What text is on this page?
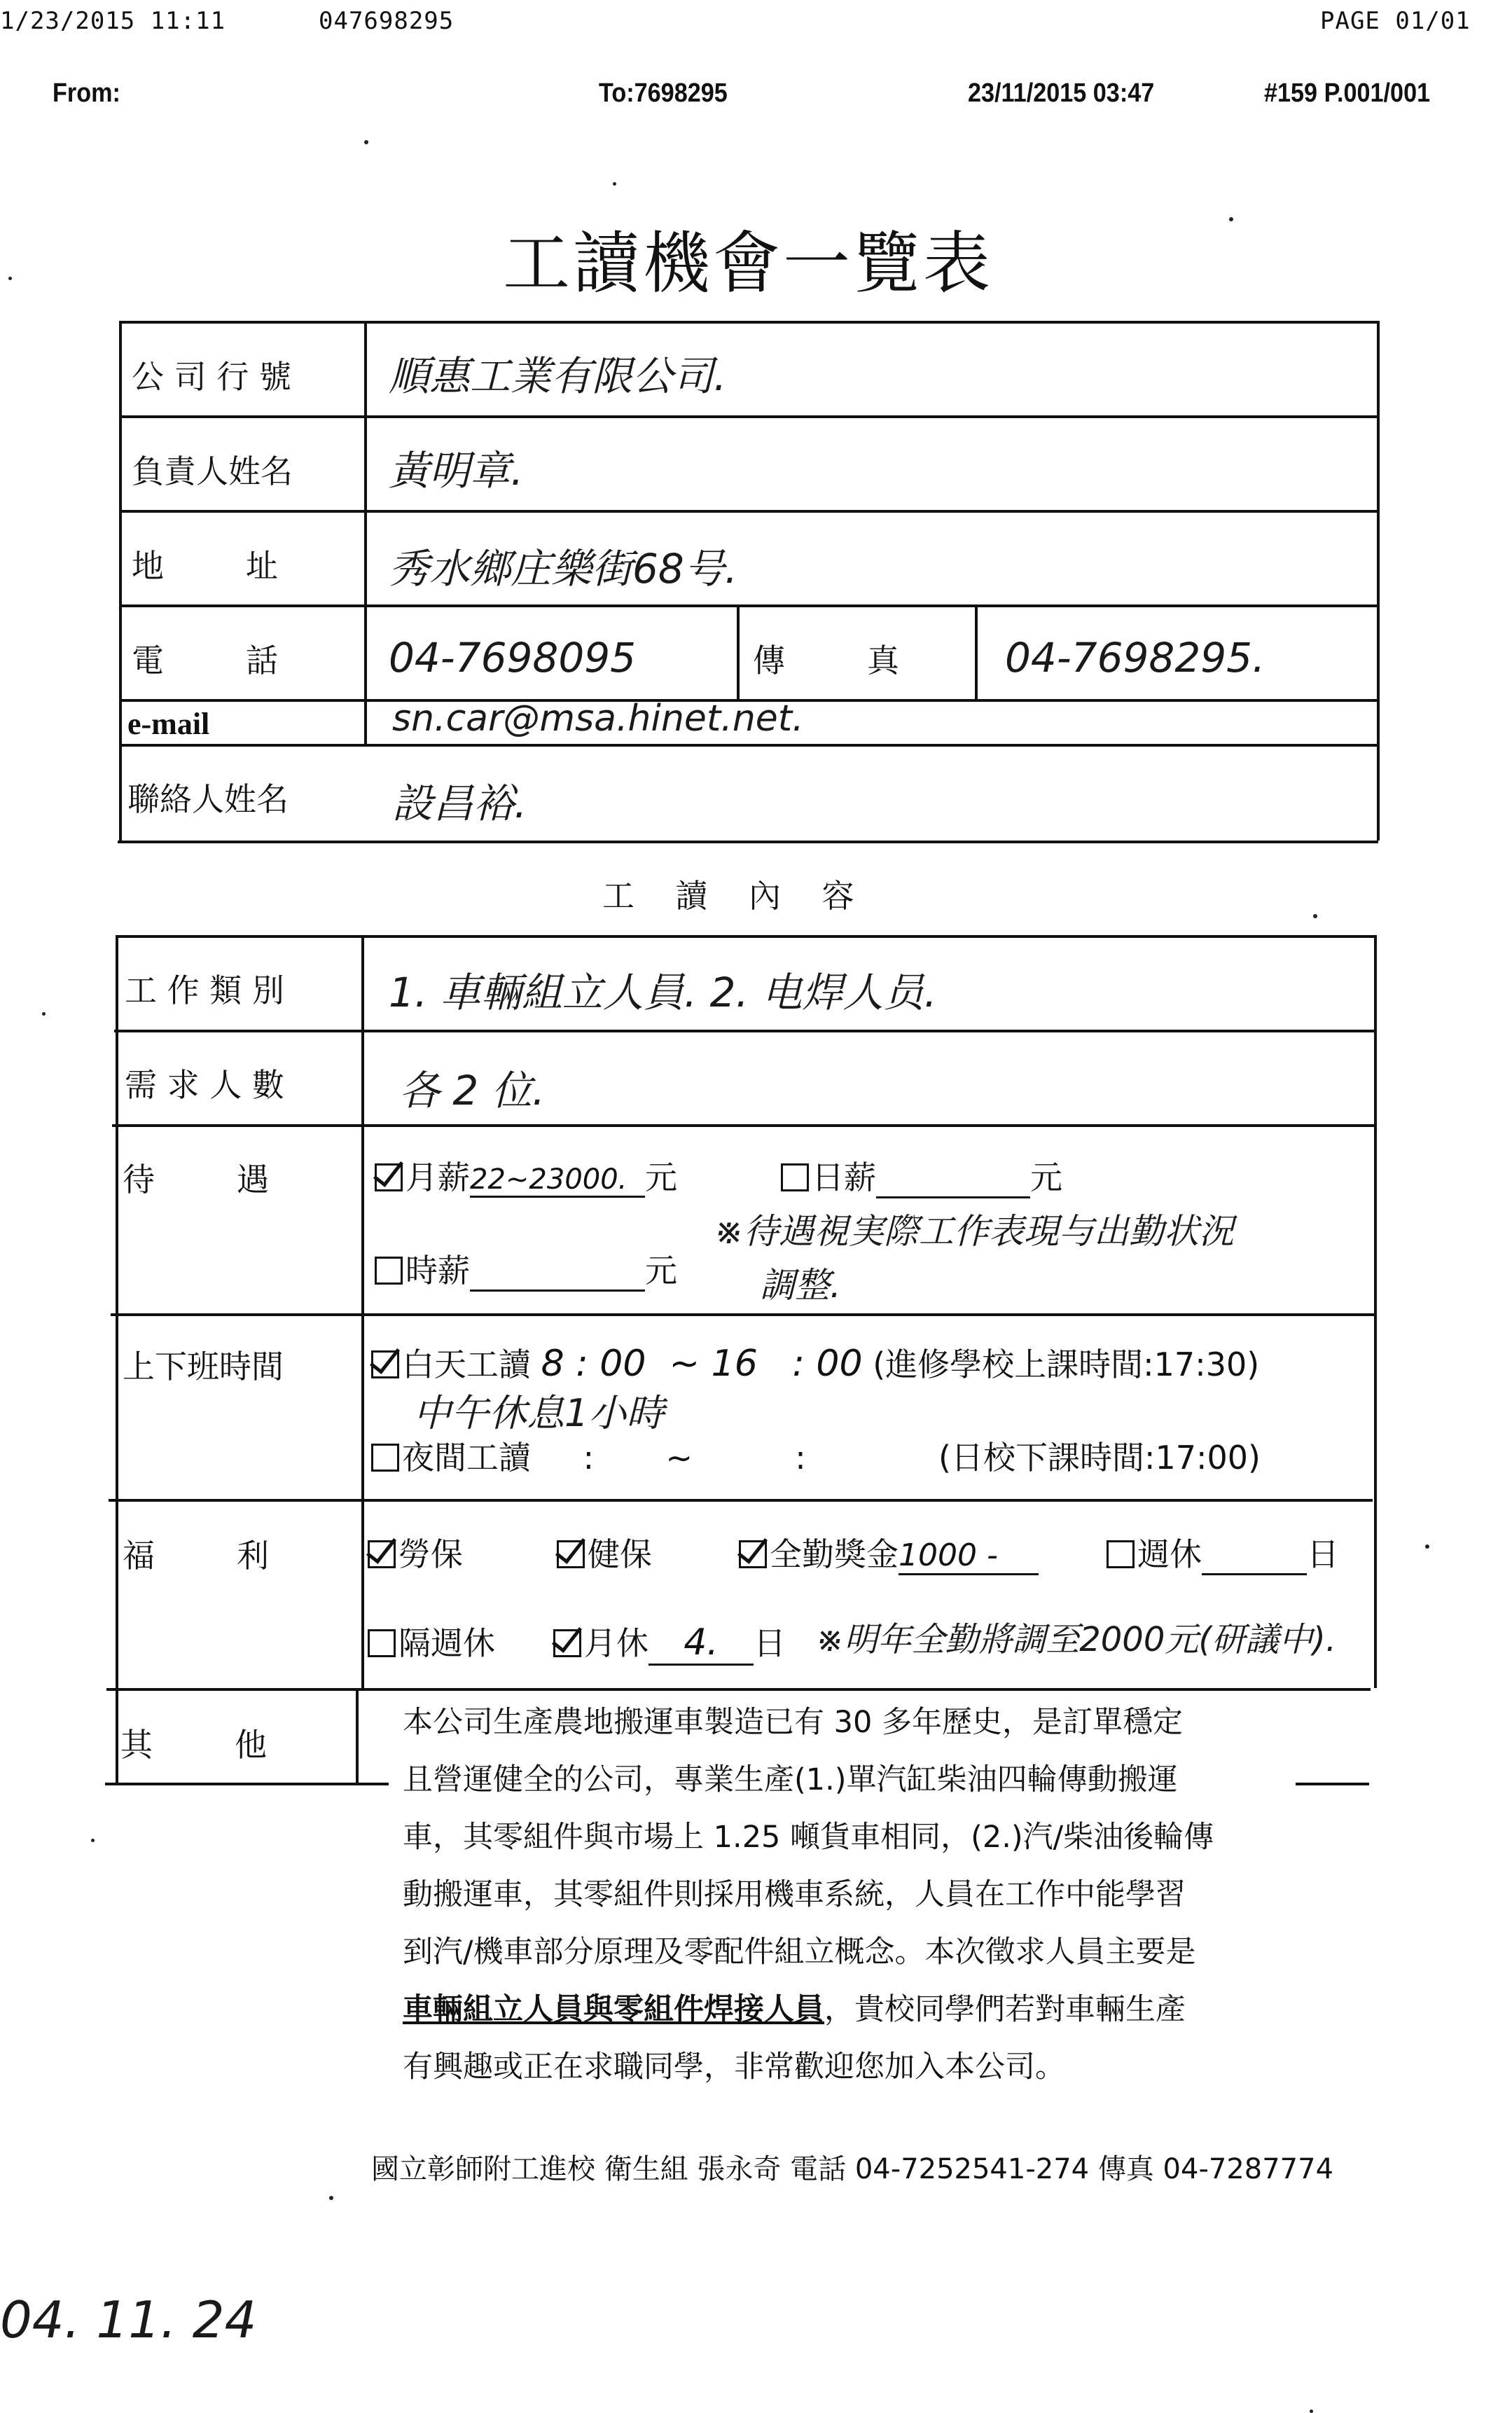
1/23/2015 11:11	047698295	PAGE 01/01
From:	To:7698295	23/11/2015 03:47	#159 P.001/001
工讀機會一覽表
公 司 行 號 順惠工業有限公司.
負責人姓名 黃明章.
地        址	秀水鄉庄樂街68号.
電        話	04-7698095	傳        真	04-7698295.
e-mail	sn.car@msa.hinet.net.
聯絡人姓名	設昌裕.
工    讀    內    容
工 作 類 別	1. 車輛組立人員. 2. 电焊人员.
需 求 人 數	各 2 位.
待        遇	月薪22~23000. 元	日薪	元
時薪	元
※待遇視実際工作表現与出勤状況
調整.
上下班時間	白天工讀 8 : 00  ~ 16   : 00 (進修學校上課時間:17:30)
中午休息1小時
夜間工讀 :       ~          :	(日校下課時間:17:00)
福        利	勞保	健保	全勤獎金1000 -	週休	日
隔週休	月休 4. 日 ※明年全勤將調至2000元(研議中).
其        他

本公司生產農地搬運車製造已有 30 多年歷史，是訂單穩定

且營運健全的公司，專業生產(1.)單汽缸柴油四輪傳動搬運

車，其零組件與市場上 1.25 噸貨車相同，(2.)汽/柴油後輪傳

動搬運車，其零組件則採用機車系統，人員在工作中能學習

到汽/機車部分原理及零配件組立概念。本次徵求人員主要是

車輛組立人員與零組件焊接人員，貴校同學們若對車輛生產

有興趣或正在求職同學，非常歡迎您加入本公司。

國立彰師附工進校 衛生組 張永奇 電話 04-7252541-274 傳真 04-7287774
04. 11. 24
